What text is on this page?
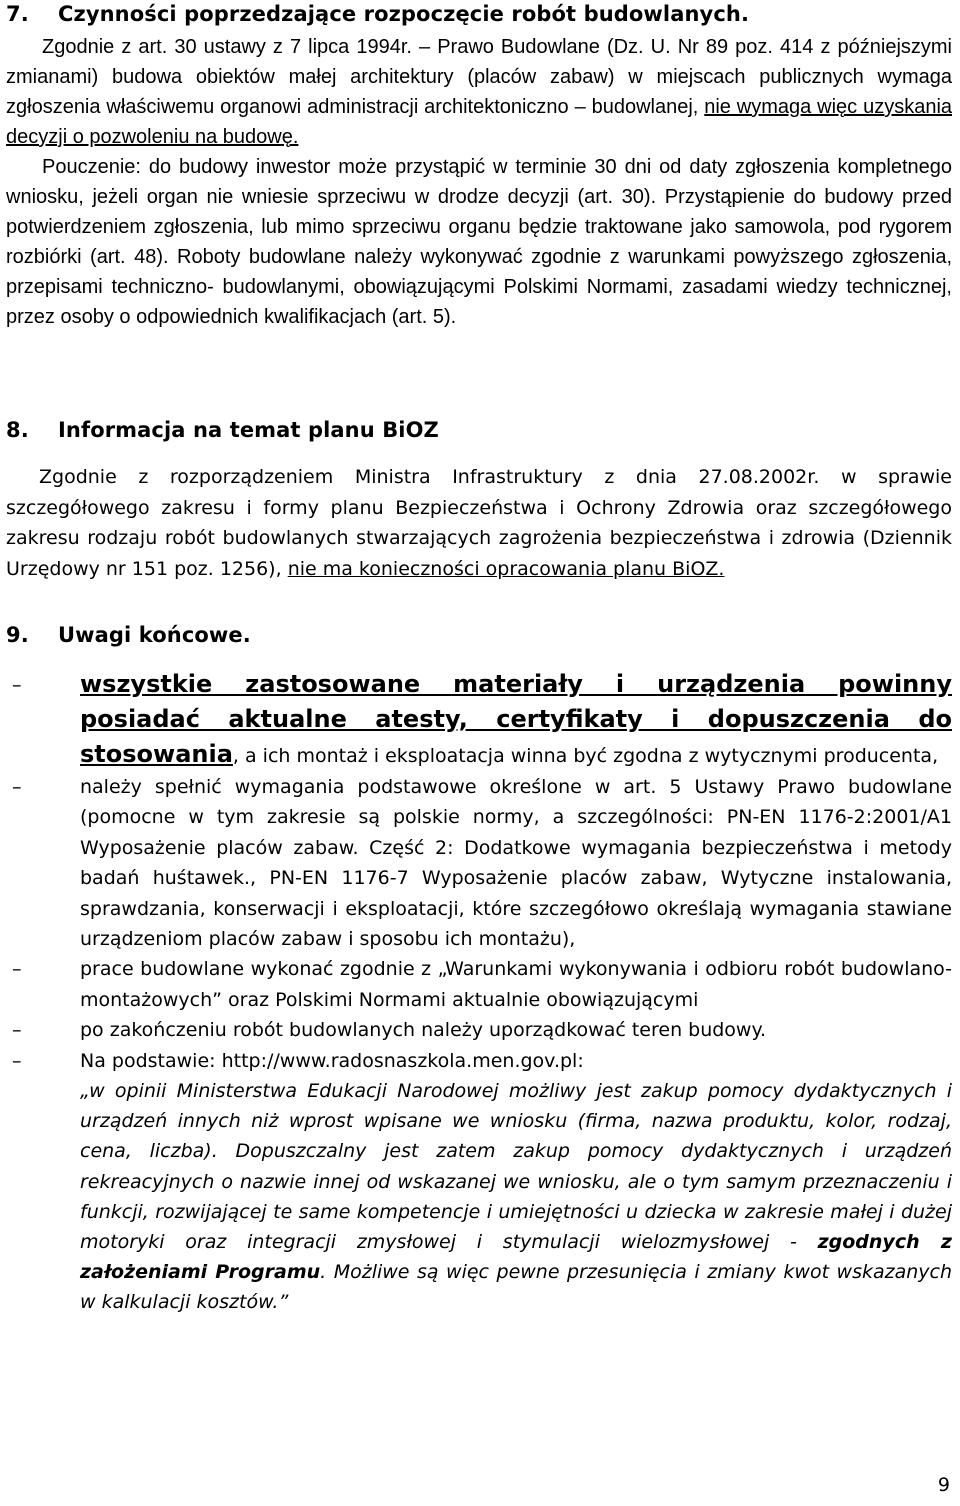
7. Czynności poprzedzające rozpoczęcie robót budowlanych.
Zgodnie z art. 30 ustawy z 7 lipca 1994r. – Prawo Budowlane (Dz. U. Nr 89 poz. 414 z późniejszymi zmianami) budowa obiektów małej architektury (placów zabaw) w miejscach publicznych wymaga zgłoszenia właściwemu organowi administracji architektoniczno – budowlanej, nie wymaga więc uzyskania decyzji o pozwoleniu na budowę.
Pouczenie: do budowy inwestor może przystąpić w terminie 30 dni od daty zgłoszenia kompletnego wniosku, jeżeli organ nie wniesie sprzeciwu w drodze decyzji (art. 30). Przystąpienie do budowy przed potwierdzeniem zgłoszenia, lub mimo sprzeciwu organu będzie traktowane jako samowola, pod rygorem rozbiórki (art. 48). Roboty budowlane należy wykonywać zgodnie z warunkami powyższego zgłoszenia, przepisami techniczno- budowlanymi, obowiązującymi Polskimi Normami, zasadami wiedzy technicznej, przez osoby o odpowiednich kwalifikacjach (art. 5).
8. Informacja na temat planu BiOZ
Zgodnie z rozporządzeniem Ministra Infrastruktury z dnia 27.08.2002r. w sprawie szczegółowego zakresu i formy planu Bezpieczeństwa i Ochrony Zdrowia oraz szczegółowego zakresu rodzaju robót budowlanych stwarzających zagrożenia bezpieczeństwa i zdrowia (Dziennik Urzędowy nr 151 poz. 1256), nie ma konieczności opracowania planu BiOZ.
9. Uwagi końcowe.
– wszystkie zastosowane materiały i urządzenia powinny posiadać aktualne atesty, certyfikaty i dopuszczenia do stosowania, a ich montaż i eksploatacja winna być zgodna z wytycznymi producenta,
–	należy spełnić wymagania podstawowe określone w art. 5 Ustawy Prawo budowlane (pomocne w tym zakresie są polskie normy, a szczególności: PN-EN 1176-2:2001/A1 Wyposażenie placów zabaw. Część 2: Dodatkowe wymagania bezpieczeństwa i metody badań huśtawek., PN-EN 1176-7 Wyposażenie placów zabaw, Wytyczne instalowania, sprawdzania, konserwacji i eksploatacji, które szczegółowo określają wymagania stawiane urządzeniom placów zabaw i sposobu ich montażu),
–	prace budowlane wykonać zgodnie z „Warunkami wykonywania i odbioru robót budowlano- montażowych” oraz Polskimi Normami aktualnie obowiązującymi
–	po zakończeniu robót budowlanych należy uporządkować teren budowy.
–	Na podstawie: http://www.radosnaszkola.men.gov.pl:
„w opinii Ministerstwa Edukacji Narodowej możliwy jest zakup pomocy dydaktycznych i urządzeń innych niż wprost wpisane we wniosku (firma, nazwa produktu, kolor, rodzaj, cena, liczba). Dopuszczalny jest zatem zakup pomocy dydaktycznych i urządzeń rekreacyjnych o nazwie innej od wskazanej we wniosku, ale o tym samym przeznaczeniu i funkcji, rozwijającej te same kompetencje i umiejętności u dziecka w zakresie małej i dużej motoryki oraz integracji zmysłowej i stymulacji wielozmysłowej - zgodnych z założeniami Programu. Możliwe są więc pewne przesunięcia i zmiany kwot wskazanych w kalkulacji kosztów.”
9
